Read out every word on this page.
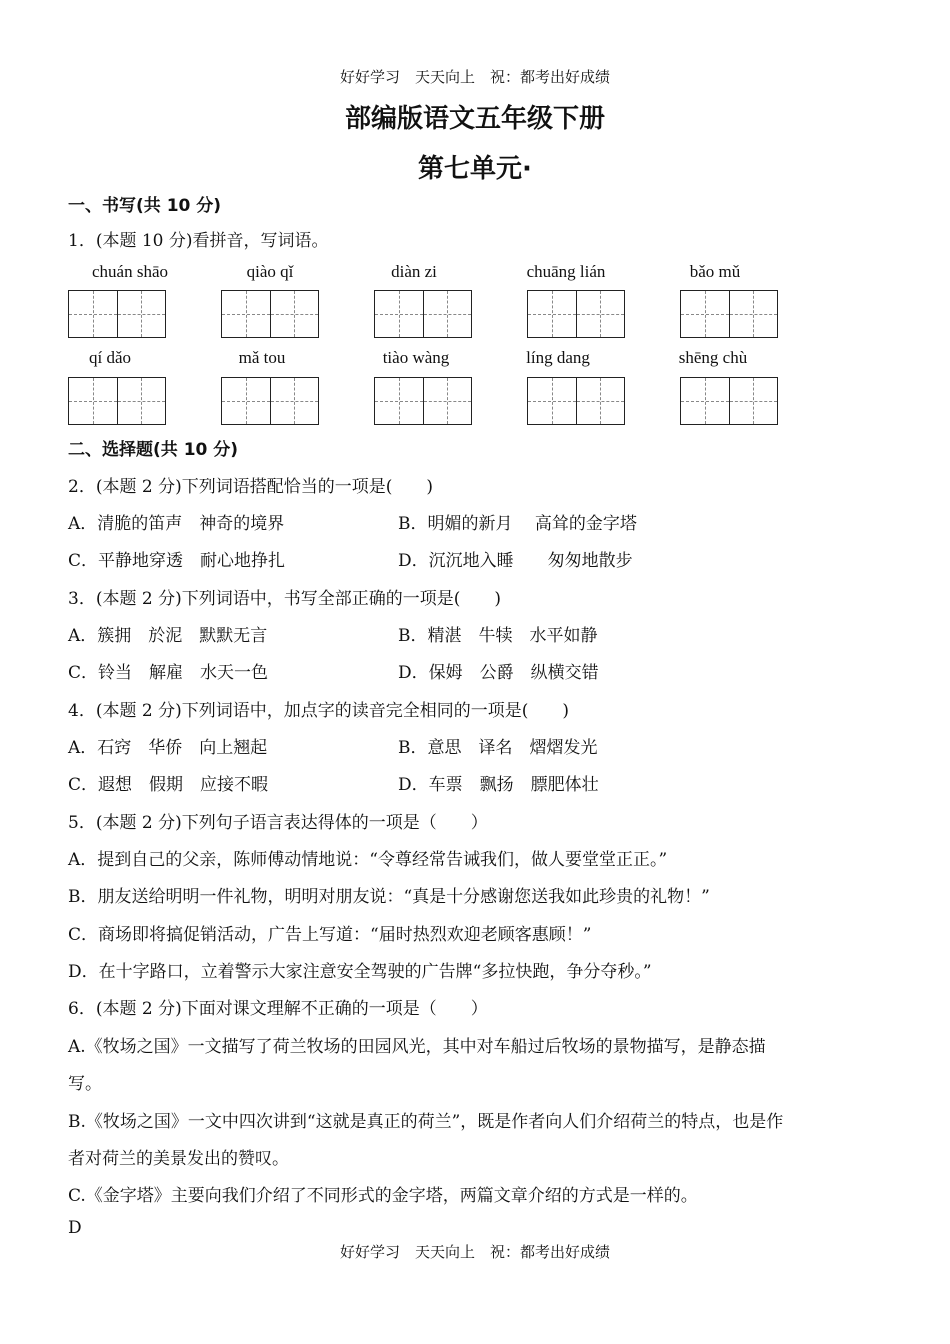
好好学习　天天向上　祝：都考出好成绩
部编版语文五年级下册
第七单元·
一、书写(共 10 分)
1．(本题 10 分)看拼音，写词语。
chuán shāo	qiào qǐ	diàn zi	chuāng lián	bǎo mǔ
qí dǎo	mǎ tou	tiào wàng	líng dang	shēng chù
二、选择题(共 10 分)
2．(本题 2 分)下列词语搭配恰当的一项是(　　)
A．清脆的笛声　神奇的境界	B．明媚的新月　 高耸的金字塔
C．平静地穿透　耐心地挣扎	D．沉沉地入睡　　匆匆地散步
3．(本题 2 分)下列词语中，书写全部正确的一项是(　　)
A．簇拥　於泥　默默无言	B．精湛　牛犊　水平如静
C．铃当　解雇　水天一色	D．保姆　公爵　纵横交错
4．(本题 2 分)下列词语中，加点字的读音完全相同的一项是(　　)
A．石窍　华侨　向上翘起	B．意思　译名　熠熠发光
C．遐想　假期　应接不暇	D．车票　飘扬　膘肥体壮
5．(本题 2 分)下列句子语言表达得体的一项是（　　）
A．提到自己的父亲，陈师傅动情地说：“令尊经常告诫我们，做人要堂堂正正。”
B．朋友送给明明一件礼物，明明对朋友说：“真是十分感谢您送我如此珍贵的礼物！”
C．商场即将搞促销活动，广告上写道：“届时热烈欢迎老顾客惠顾！”
D．在十字路口，立着警示大家注意安全驾驶的广告牌“多拉快跑，争分夺秒。”
6．(本题 2 分)下面对课文理解不正确的一项是（　　）
A.《牧场之国》一文描写了荷兰牧场的田园风光，其中对车船过后牧场的景物描写，是静态描
写。
B.《牧场之国》一文中四次讲到“这就是真正的荷兰”，既是作者向人们介绍荷兰的特点，也是作
者对荷兰的美景发出的赞叹。
C.《金字塔》主要向我们介绍了不同形式的金字塔，两篇文章介绍的方式是一样的。
D
好好学习　天天向上　祝：都考出好成绩
